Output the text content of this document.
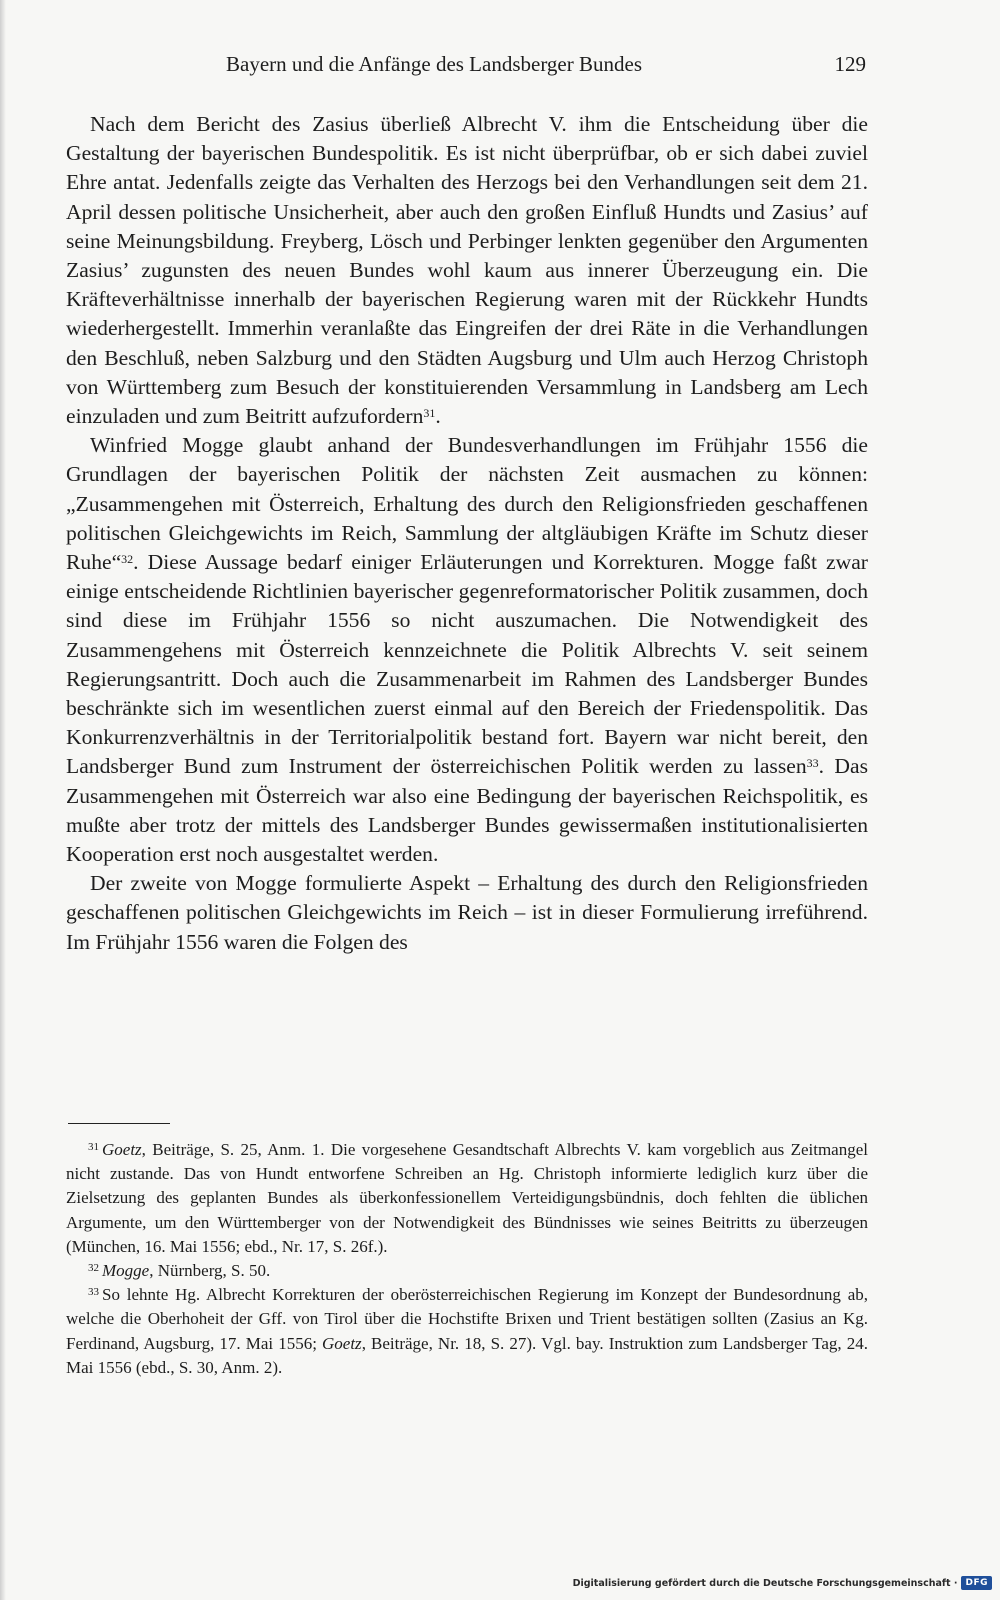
Bayern und die Anfänge des Landsberger Bundes	129

Nach dem Bericht des Zasius überließ Albrecht V. ihm die Entscheidung über die Gestaltung der bayerischen Bundespolitik. Es ist nicht überprüfbar, ob er sich dabei zuviel Ehre antat. Jedenfalls zeigte das Verhalten des Herzogs bei den Verhandlungen seit dem 21. April dessen politische Unsicherheit, aber auch den großen Einfluß Hundts und Zasius’ auf seine Meinungsbildung. Freyberg, Lösch und Perbinger lenkten gegenüber den Argumenten Zasius’ zugunsten des neuen Bundes wohl kaum aus innerer Überzeugung ein. Die Kräfteverhältnisse innerhalb der bayerischen Regierung waren mit der Rückkehr Hundts wiederhergestellt. Immerhin veranlaßte das Eingreifen der drei Räte in die Verhandlungen den Beschluß, neben Salzburg und den Städten Augsburg und Ulm auch Herzog Christoph von Württemberg zum Besuch der konstituierenden Versammlung in Landsberg am Lech einzuladen und zum Beitritt aufzufordern$^{31}$.

Winfried Mogge glaubt anhand der Bundesverhandlungen im Frühjahr 1556 die Grundlagen der bayerischen Politik der nächsten Zeit ausmachen zu können: „Zusammengehen mit Österreich, Erhaltung des durch den Religionsfrieden geschaffenen politischen Gleichgewichts im Reich, Sammlung der altgläubigen Kräfte im Schutz dieser Ruhe“$^{32}$. Diese Aussage bedarf einiger Erläuterungen und Korrekturen. Mogge faßt zwar einige entscheidende Richtlinien bayerischer gegenreformatorischer Politik zusammen, doch sind diese im Frühjahr 1556 so nicht auszumachen. Die Notwendigkeit des Zusammengehens mit Österreich kennzeichnete die Politik Albrechts V. seit seinem Regierungsantritt. Doch auch die Zusammenarbeit im Rahmen des Landsberger Bundes beschränkte sich im wesentlichen zuerst einmal auf den Bereich der Friedenspolitik. Das Konkurrenzverhältnis in der Territorialpolitik bestand fort. Bayern war nicht bereit, den Landsberger Bund zum Instrument der österreichischen Politik werden zu lassen$^{33}$. Das Zusammengehen mit Österreich war also eine Bedingung der bayerischen Reichspolitik, es mußte aber trotz der mittels des Landsberger Bundes gewissermaßen institutionalisierten Kooperation erst noch ausgestaltet werden.

Der zweite von Mogge formulierte Aspekt – Erhaltung des durch den Religionsfrieden geschaffenen politischen Gleichgewichts im Reich – ist in dieser Formulierung irreführend. Im Frühjahr 1556 waren die Folgen des

$^{31}$ Goetz, Beiträge, S. 25, Anm. 1. Die vorgesehene Gesandtschaft Albrechts V. kam vorgeblich aus Zeitmangel nicht zustande. Das von Hundt entworfene Schreiben an Hg. Christoph informierte lediglich kurz über die Zielsetzung des geplanten Bundes als überkonfessionellem Verteidigungsbündnis, doch fehlten die üblichen Argumente, um den Württemberger von der Notwendigkeit des Bündnisses wie seines Beitritts zu überzeugen (München, 16. Mai 1556; ebd., Nr. 17, S. 26f.).

$^{32}$ Mogge, Nürnberg, S. 50.

$^{33}$ So lehnte Hg. Albrecht Korrekturen der oberösterreichischen Regierung im Konzept der Bundesordnung ab, welche die Oberhoheit der Gff. von Tirol über die Hochstifte Brixen und Trient bestätigen sollten (Zasius an Kg. Ferdinand, Augsburg, 17. Mai 1556; Goetz, Beiträge, Nr. 18, S. 27). Vgl. bay. Instruktion zum Landsberger Tag, 24. Mai 1556 (ebd., S. 30, Anm. 2).

Digitalisierung gefördert durch die Deutsche Forschungsgemeinschaft · DFG
